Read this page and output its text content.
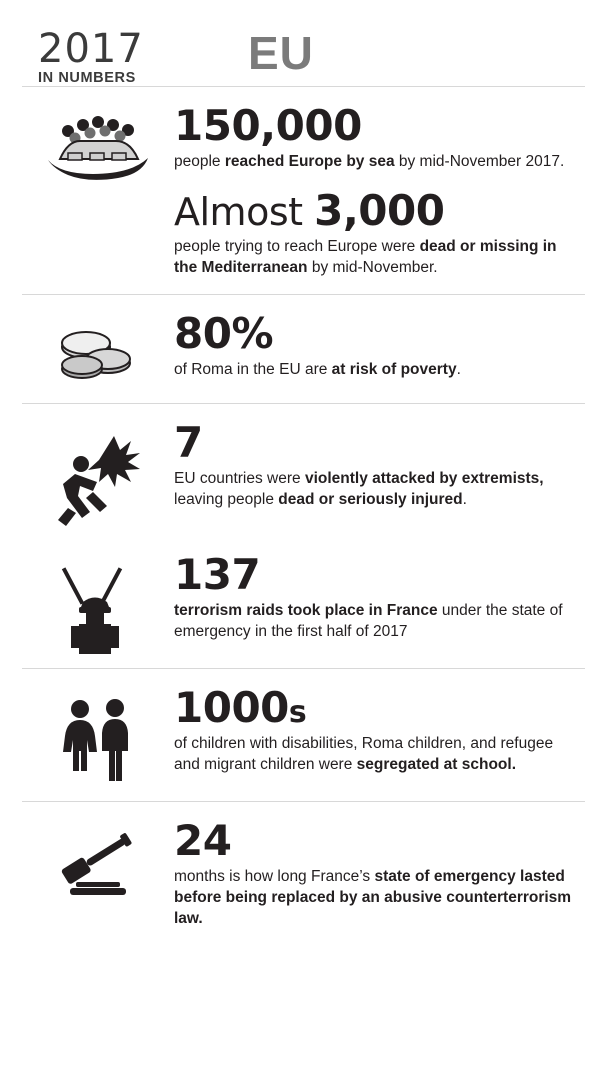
2017
IN NUMBERS	EU
150,000
people reached Europe by sea by mid-November 2017.
Almost 3,000
people trying to reach Europe were dead or missing in the Mediterranean by mid-November.
80%
of Roma in the EU are at risk of poverty.
7
EU countries were violently attacked by extremists, leaving people dead or seriously injured.
137
terrorism raids took place in France under the state of emergency in the first half of 2017
1000s
of children with disabilities, Roma children, and refugee and migrant children were segregated at school.
24
months is how long France’s state of emergency lasted before being replaced by an abusive counterterrorism law.
